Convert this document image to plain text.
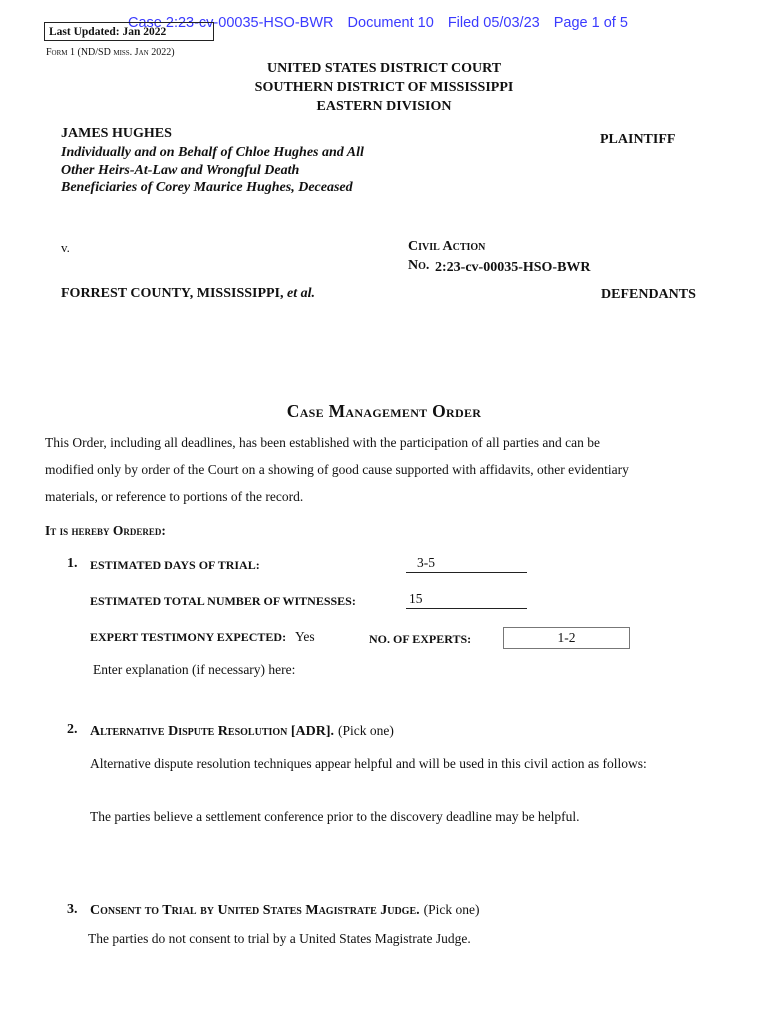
Case 2:23-cv-00035-HSO-BWR Document 10 Filed 05/03/23 Page 1 of 5
Last Updated: Jan 2022
Form 1 (ND/SD miss. Jan 2022)
UNITED STATES DISTRICT COURT
SOUTHERN DISTRICT OF MISSISSIPPI
EASTERN DIVISION
JAMES HUGHES
Individually and on Behalf of Chloe Hughes and All
Other Heirs-At-Law and Wrongful Death
Beneficiaries of Corey Maurice Hughes, Deceased
PLAINTIFF
v.	Civil Action
No. 2:23-cv-00035-HSO-BWR
FORREST COUNTY, MISSISSIPPI, et al.	DEFENDANTS
Case Management Order
This Order, including all deadlines, has been established with the participation of all parties and can be
modified only by order of the Court on a showing of good cause supported with affidavits, other evidentiary
materials, or reference to portions of the record.
It is hereby Ordered:
1. ESTIMATED DAYS OF TRIAL:	3-5
ESTIMATED TOTAL NUMBER OF WITNESSES:	15
EXPERT TESTIMONY EXPECTED: Yes	NO. OF EXPERTS:	1-2
Enter explanation (if necessary) here:
2. Alternative Dispute Resolution [ADR]. (Pick one)
Alternative dispute resolution techniques appear helpful and will be used in this civil action as follows:
The parties believe a settlement conference prior to the discovery deadline may be helpful.
3. Consent to Trial by United States Magistrate Judge. (Pick one)
The parties do not consent to trial by a United States Magistrate Judge.
